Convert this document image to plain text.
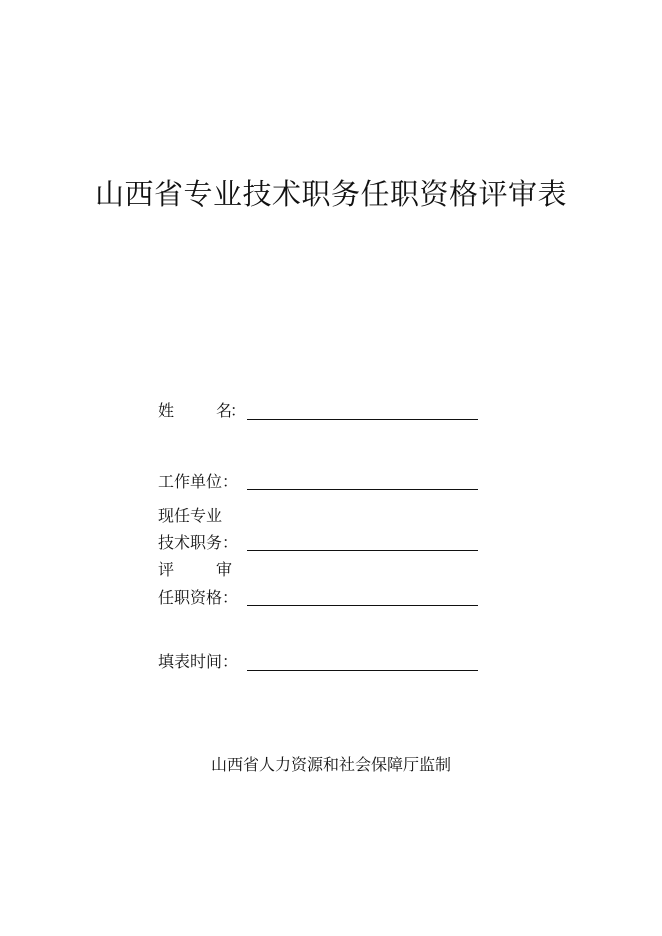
山西省专业技术职务任职资格评审表
姓	名
：
工作单位：
现任专业
技术职务：
评	审
任职资格：
填表时间：
山西省人力资源和社会保障厅监制
